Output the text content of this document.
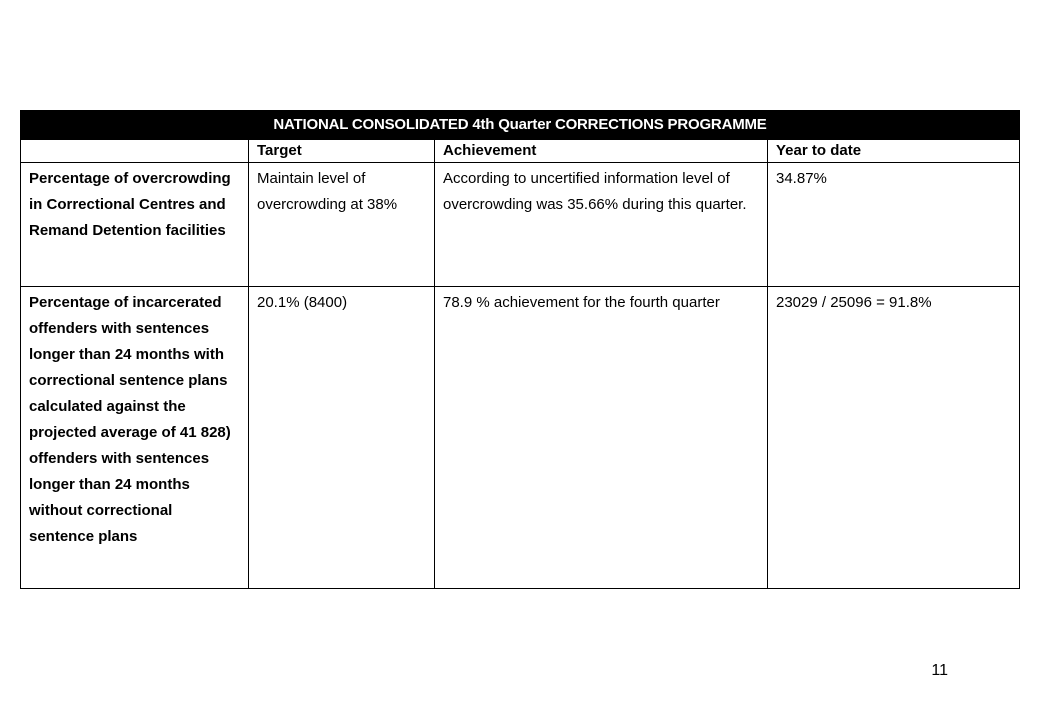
NATIONAL CONSOLIDATED 4th Quarter CORRECTIONS PROGRAMME			
	Target	Achievement	Year to date
Percentage of overcrowding in Correctional Centres and Remand Detention facilities	Maintain level of overcrowding at 38%	According to uncertified information level of overcrowding was 35.66% during this quarter.	34.87%
Percentage of incarcerated offenders with sentences longer than 24 months with correctional sentence plans calculated against the projected average of 41 828) offenders with sentences longer than 24 months without correctional sentence plans	20.1% (8400)	78.9 % achievement for the fourth quarter	23029 / 25096 = 91.8%
11
